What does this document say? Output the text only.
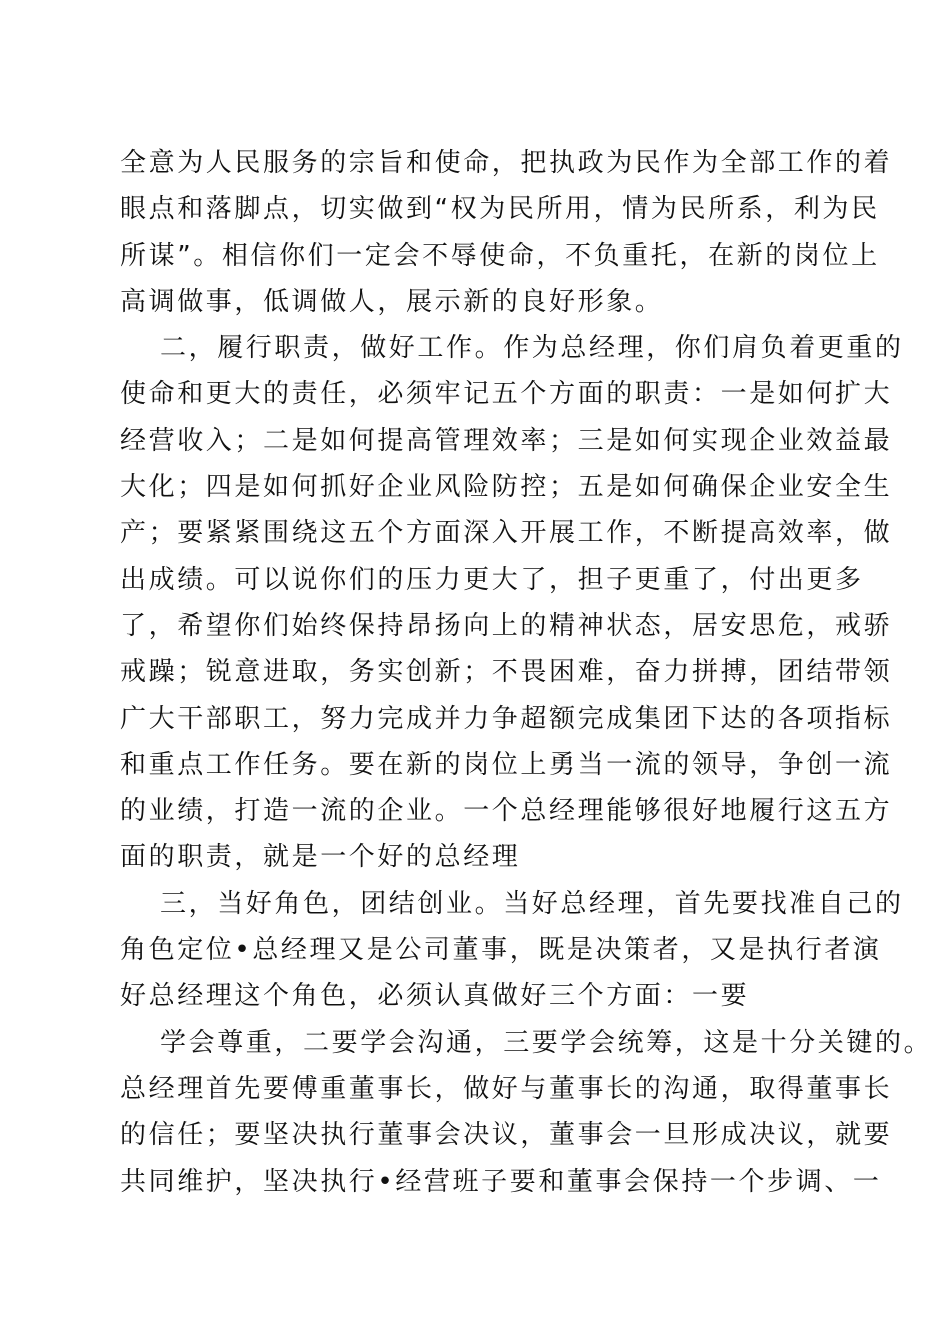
全意为人民服务的宗旨和使命，把执政为民作为全部工作的着
眼点和落脚点，切实做到“权为民所用，情为民所系，利为民
所谋”。相信你们一定会不辱使命，不负重托，在新的岗位上
高调做事，低调做人，展示新的良好形象。
二，履行职责，做好工作。作为总经理，你们肩负着更重的
使命和更大的责任，必须牢记五个方面的职责：一是如何扩大
经营收入；二是如何提高管理效率；三是如何实现企业效益最
大化；四是如何抓好企业风险防控；五是如何确保企业安全生
产；要紧紧围绕这五个方面深入开展工作，不断提高效率，做
出成绩。可以说你们的压力更大了，担子更重了，付出更多
了，希望你们始终保持昂扬向上的精神状态，居安思危，戒骄
戒躁；锐意进取，务实创新；不畏困难，奋力拼搏，团结带领
广大干部职工，努力完成并力争超额完成集团下达的各项指标
和重点工作任务。要在新的岗位上勇当一流的领导，争创一流
的业绩，打造一流的企业。一个总经理能够很好地履行这五方
面的职责，就是一个好的总经理
三，当好角色，团结创业。当好总经理，首先要找准自己的
角色定位•总经理又是公司董事，既是决策者，又是执行者演
好总经理这个角色，必须认真做好三个方面：一要
学会尊重，二要学会沟通，三要学会统筹，这是十分关键的。
总经理首先要傅重董事长，做好与董事长的沟通，取得董事长
的信任；要坚决执行董事会决议，董事会一旦形成决议，就要
共同维护，坚决执行•经营班子要和董事会保持一个步调、一
